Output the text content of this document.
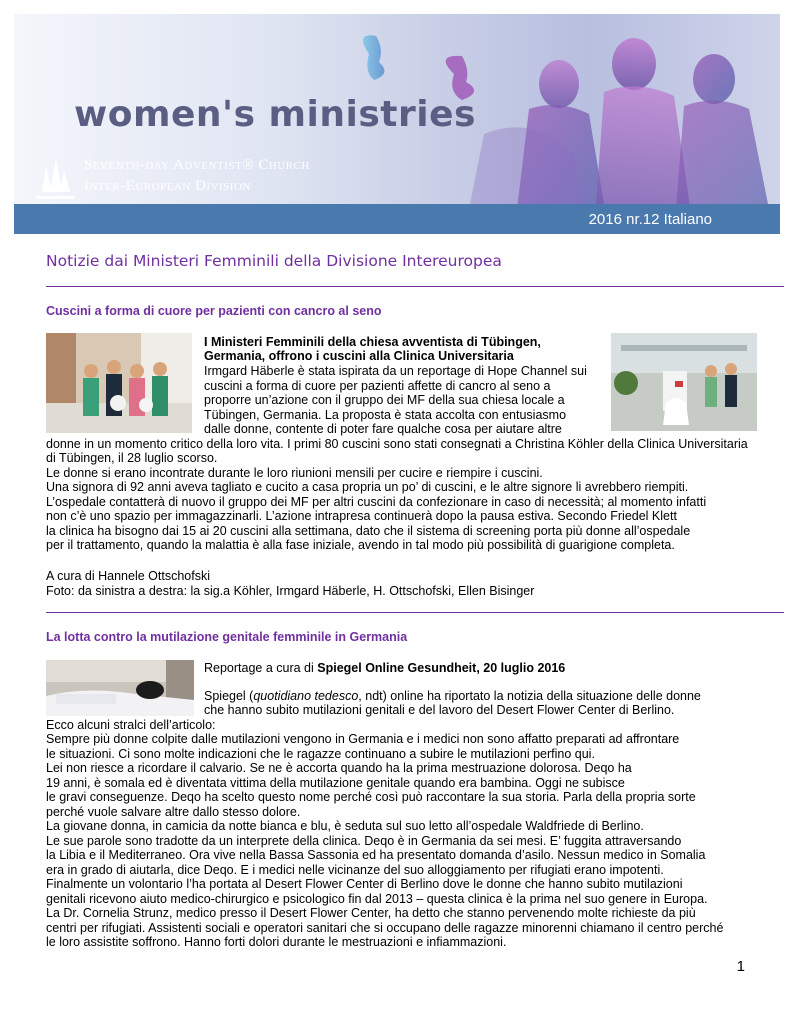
women's ministries
Seventh-day Adventist® Church
Inter-European Division
2016 nr.12 Italiano
Notizie dai Ministeri Femminili della Divisione Intereuropea
Cuscini a forma di cuore per pazienti con cancro al seno
I Ministeri Femminili della chiesa avventista di Tübingen,
Germania, offrono i cuscini alla Clinica Universitaria
Irmgard Häberle è stata ispirata da un reportage di Hope Channel sui
cuscini a forma di cuore per pazienti affette di cancro al seno a
proporre un’azione con il gruppo dei MF della sua chiesa locale a
Tübingen, Germania. La proposta è stata accolta con entusiasmo
dalle donne, contente di poter fare qualche cosa per aiutare altre
donne in un momento critico della loro vita. I primi 80 cuscini sono stati consegnati a Christina Köhler della Clinica Universitaria
di Tübingen, il 28 luglio scorso.
Le donne si erano incontrate durante le loro riunioni mensili per cucire e riempire i cuscini.
Una signora di 92 anni aveva tagliato e cucito a casa propria un po’ di cuscini, e le altre signore li avrebbero riempiti.
L’ospedale contatterà di nuovo il gruppo dei MF per altri cuscini da confezionare in caso di necessità; al momento infatti
non c’è uno spazio per immagazzinarli. L’azione intrapresa continuerà dopo la pausa estiva. Secondo Friedel Klett
la clinica ha bisogno dai 15 ai 20 cuscini alla settimana, dato che il sistema di screening porta più donne all’ospedale
per il trattamento, quando la malattia è alla fase iniziale, avendo in tal modo più possibilità di guarigione completa.
A cura di Hannele Ottschofski
Foto: da sinistra a destra: la sig.a Köhler, Irmgard Häberle, H. Ottschofski, Ellen Bisinger
La lotta contro la mutilazione genitale femminile in Germania
Reportage a cura di Spiegel Online Gesundheit, 20 luglio 2016
Spiegel (quotidiano tedesco, ndt) online ha riportato la notizia della situazione delle donne
che hanno subito mutilazioni genitali e del lavoro del Desert Flower Center di Berlino.
Ecco alcuni stralci dell’articolo:
Sempre più donne colpite dalle mutilazioni vengono in Germania e i medici non sono affatto preparati ad affrontare
le situazioni. Ci sono molte indicazioni che le ragazze continuano a subire le mutilazioni perfino qui.
Lei non riesce a ricordare il calvario. Se ne è accorta quando ha la prima mestruazione dolorosa. Deqo ha
19 anni, è somala ed è diventata vittima della mutilazione genitale quando era bambina. Oggi ne subisce
le gravi conseguenze. Deqo ha scelto questo nome perché così può raccontare la sua storia. Parla della propria sorte
perché vuole salvare altre dallo stesso dolore.
La giovane donna, in camicia da notte bianca e blu, è seduta sul suo letto all’ospedale Waldfriede di Berlino.
Le sue parole sono tradotte da un interprete della clinica. Deqo è in Germania da sei mesi. E’ fuggita attraversando
la Libia e il Mediterraneo. Ora vive nella Bassa Sassonia ed ha presentato domanda d’asilo. Nessun medico in Somalia
era in grado di aiutarla, dice Deqo. E i medici nelle vicinanze del suo alloggiamento per rifugiati erano impotenti.
Finalmente un volontario l’ha portata al Desert Flower Center di Berlino dove le donne che hanno subito mutilazioni
genitali ricevono aiuto medico-chirurgico e psicologico fin dal 2013 – questa clinica è la prima nel suo genere in Europa.
La Dr. Cornelia Strunz, medico presso il Desert Flower Center, ha detto che stanno pervenendo molte richieste da più
centri per rifugiati. Assistenti sociali e operatori sanitari che si occupano delle ragazze minorenni chiamano il centro perché
le loro assistite soffrono. Hanno forti dolori durante le mestruazioni e infiammazioni.
1
